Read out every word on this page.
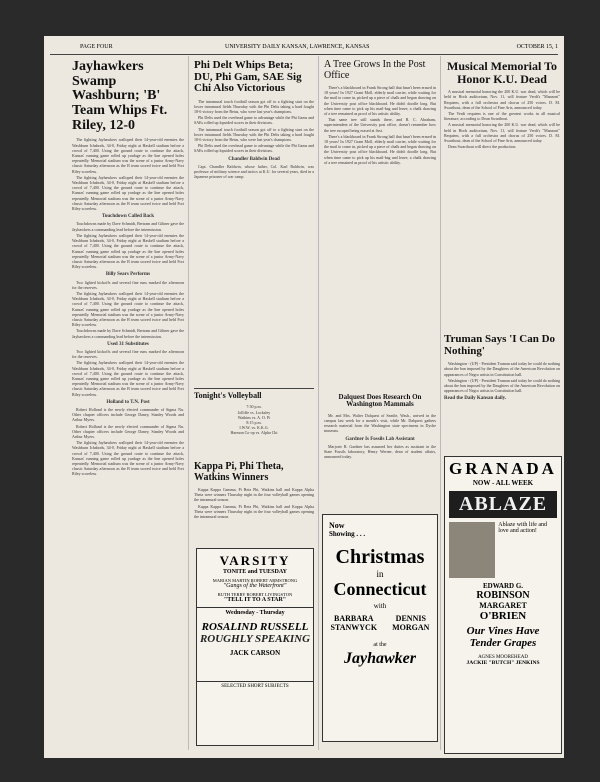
PAGE FOUR	UNIVERSITY DAILY KANSAN, LAWRENCE, KANSAS	OCTOBER 15, 1
Jayhawkers Swamp Washburn; 'B' Team Whips Ft. Riley, 12-0

The fighting Jayhawkers walloped their 14-year-old enemies the Washburn Ichabods, 34-0, Friday night at Haskell stadium before a crowd of 7,400. Using the ground route to continue the attack, Kansas' running game rolled up yardage as the line opened holes repeatedly. Memorial stadium was the scene of a junior Army-Navy classic Saturday afternoon as the B team scored twice and held Fort Riley scoreless.

The fighting Jayhawkers walloped their 14-year-old enemies the Washburn Ichabods, 34-0, Friday night at Haskell stadium before a crowd of 7,400. Using the ground route to continue the attack, Kansas' running game rolled up yardage as the line opened holes repeatedly. Memorial stadium was the scene of a junior Army-Navy classic Saturday afternoon as the B team scored twice and held Fort Riley scoreless.

Touchdown Called Back

Touchdowns made by Dave Schmidt, Bertram and Giltner gave the Jayhawkers a commanding lead before the intermission.

The fighting Jayhawkers walloped their 14-year-old enemies the Washburn Ichabods, 34-0, Friday night at Haskell stadium before a crowd of 7,400. Using the ground route to continue the attack, Kansas' running game rolled up yardage as the line opened holes repeatedly. Memorial stadium was the scene of a junior Army-Navy classic Saturday afternoon as the B team scored twice and held Fort Riley scoreless.

Billy Sears Performs

Two lighted kickoffs and several fine runs marked the afternoon for the reserves.

The fighting Jayhawkers walloped their 14-year-old enemies the Washburn Ichabods, 34-0, Friday night at Haskell stadium before a crowd of 7,400. Using the ground route to continue the attack, Kansas' running game rolled up yardage as the line opened holes repeatedly. Memorial stadium was the scene of a junior Army-Navy classic Saturday afternoon as the B team scored twice and held Fort Riley scoreless.

Touchdowns made by Dave Schmidt, Bertram and Giltner gave the Jayhawkers a commanding lead before the intermission.

Used 31 Substitutes

Two lighted kickoffs and several fine runs marked the afternoon for the reserves.

The fighting Jayhawkers walloped their 14-year-old enemies the Washburn Ichabods, 34-0, Friday night at Haskell stadium before a crowd of 7,400. Using the ground route to continue the attack, Kansas' running game rolled up yardage as the line opened holes repeatedly. Memorial stadium was the scene of a junior Army-Navy classic Saturday afternoon as the B team scored twice and held Fort Riley scoreless.

Holland to T.N. Post

Robert Holland is the newly elected commander of Sigma Nu. Other chapter officers include George Daney, Stanley Woods and Arthur Myers.

Robert Holland is the newly elected commander of Sigma Nu. Other chapter officers include George Daney, Stanley Woods and Arthur Myers.

The fighting Jayhawkers walloped their 14-year-old enemies the Washburn Ichabods, 34-0, Friday night at Haskell stadium before a crowd of 7,400. Using the ground route to continue the attack, Kansas' running game rolled up yardage as the line opened holes repeatedly. Memorial stadium was the scene of a junior Army-Navy classic Saturday afternoon as the B team scored twice and held Fort Riley scoreless.

Phi Delt Whips Beta; DU, Phi Gam, SAE Sig Chi Also Victorious

The intramural touch football season got off to a fighting start on the lower intramural fields Thursday with the Phi Delts taking a hard fought 18-6 victory from the Betas, who were last year's champions.

Phi Delts used the overhead game to advantage while the Phi Gams and SAEs rolled up lopsided scores in their divisions.

The intramural touch football season got off to a fighting start on the lower intramural fields Thursday with the Phi Delts taking a hard fought 18-6 victory from the Betas, who were last year's champions.

Phi Delts used the overhead game to advantage while the Phi Gams and SAEs rolled up lopsided scores in their divisions.

Chandler Baldwin Dead

Capt. Chandler Baldwin, whose father, Col. Karl Baldwin, was professor of military science and tactics at K.U. for several years, died in a Japanese prisoner of war camp.

Tonight's Volleyball
7:30 p.m.
Jolliffe vs. Locksley
Watkins vs. A. O. Pi
8:15 p.m.
I.W.W. vs. K.K.G.
Harmon Co-op vs. Alpha Chi
Kappa Pi, Phi Theta, Watkins Winners

Kappa Kappa Gamma, Pi Beta Phi, Watkins hall and Kappa Alpha Theta were winners Thursday night in the four volleyball games opening the intramural season.

Kappa Kappa Gamma, Pi Beta Phi, Watkins hall and Kappa Alpha Theta were winners Thursday night in the four volleyball games opening the intramural season.

VARSITY
TONITE and TUESDAY
MARIAN MARTIN ROBERT ARMSTRONG
"Gangs of the Waterfront"
RUTH TERRY ROBERT LIVINGSTON
"TELL IT TO A STAR"
Wednesday - Thursday
ROSALIND RUSSELL
ROUGHLY SPEAKING
JACK CARSON
SELECTED SHORT SUBJECTS
A Tree Grows In the Post Office

There's a blackboard in Frank Strong hall that hasn't been erased in 18 years! In 1927 Grant Moll, elderly mail carrier, while waiting for the mail to come in, picked up a piece of chalk and began drawing on the University post office blackboard. He didn't doodle long. But when time came to pick up his mail-bag and leave, a chalk drawing of a tree remained as proof of his artistic ability.

That same tree still stands there, and R. C. Abraham, superintendent of the University post office, doesn't remember how the tree escaped being erased at first.

There's a blackboard in Frank Strong hall that hasn't been erased in 18 years! In 1927 Grant Moll, elderly mail carrier, while waiting for the mail to come in, picked up a piece of chalk and began drawing on the University post office blackboard. He didn't doodle long. But when time came to pick up his mail-bag and leave, a chalk drawing of a tree remained as proof of his artistic ability.

Dalquest Does Research On Washington Mammals

Mr. and Mrs. Walter Dalquest of Seattle, Wash., arrived in the campus last week for a month's visit, while Mr. Dalquest gathers research material from the Washington state specimens in Dyche museum.

Gardner Is Fossils Lab Assistant

Marjorie R. Gardner has assumed her duties as assistant in the State Fossils laboratory, Henry Werner, dean of student affairs, announced today.

Now
Showing . . .
Christmas
in
Connecticut
with
BARBARA
STANWYCK
DENNIS
MORGAN
at the
Jayhawker
Musical Memorial To Honor K.U. Dead

A musical memorial honoring the 200 K.U. war dead, which will be held in Hoch auditorium, Nov. 11, will feature Verdi's "Manzoni" Requiem, with a full orchestra and chorus of 250 voices. D. M. Swarthout, dean of the School of Fine Arts, announced today.

The Verdi requiem is one of the greatest works in all musical literature, according to Dean Swarthout.

A musical memorial honoring the 200 K.U. war dead, which will be held in Hoch auditorium, Nov. 11, will feature Verdi's "Manzoni" Requiem, with a full orchestra and chorus of 250 voices. D. M. Swarthout, dean of the School of Fine Arts, announced today.

Dean Swarthout will direct the production.

Truman Says 'I Can Do Nothing'

Washington - (UP) - President Truman said today he could do nothing about the ban imposed by the Daughters of the American Revolution on appearances of Negro artists in Constitution hall.

Washington - (UP) - President Truman said today he could do nothing about the ban imposed by the Daughters of the American Revolution on appearances of Negro artists in Constitution hall.

Read the Daily Kansan daily.
GRANADA
NOW - ALL WEEK
ABLAZE
Ablaze with life and love and action!
EDWARD G.
ROBINSON
MARGARET
O'BRIEN
Our Vines Have
Tender Grapes
AGNES MOOREHEAD
JACKIE "BUTCH" JENKINS
